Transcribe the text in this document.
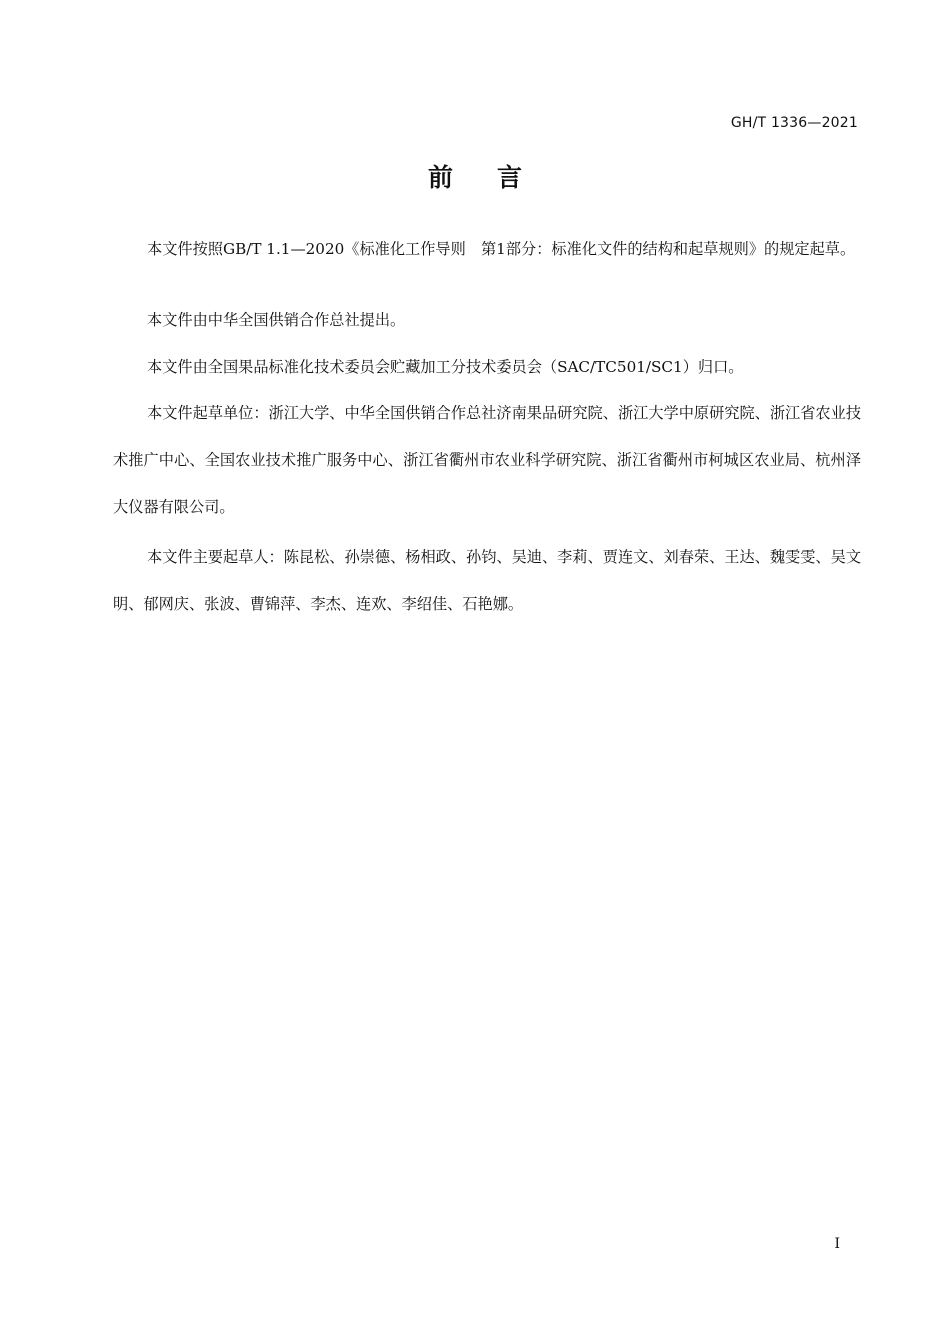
GH/T 1336—2021
前言

本文件按照GB/T 1.1—2020《标准化工作导则　第1部分：标准化文件的结构和起草规则》的规定起草。

本文件由中华全国供销合作总社提出。

本文件由全国果品标准化技术委员会贮藏加工分技术委员会（SAC/TC501/SC1）归口。

本文件起草单位：浙江大学、中华全国供销合作总社济南果品研究院、浙江大学中原研究院、浙江省农业技术推广中心、全国农业技术推广服务中心、浙江省衢州市农业科学研究院、浙江省衢州市柯城区农业局、杭州泽大仪器有限公司。

本文件主要起草人：陈昆松、孙崇德、杨相政、孙钧、吴迪、李莉、贾连文、刘春荣、王达、魏雯雯、吴文明、郁网庆、张波、曹锦萍、李杰、连欢、李绍佳、石艳娜。

I
